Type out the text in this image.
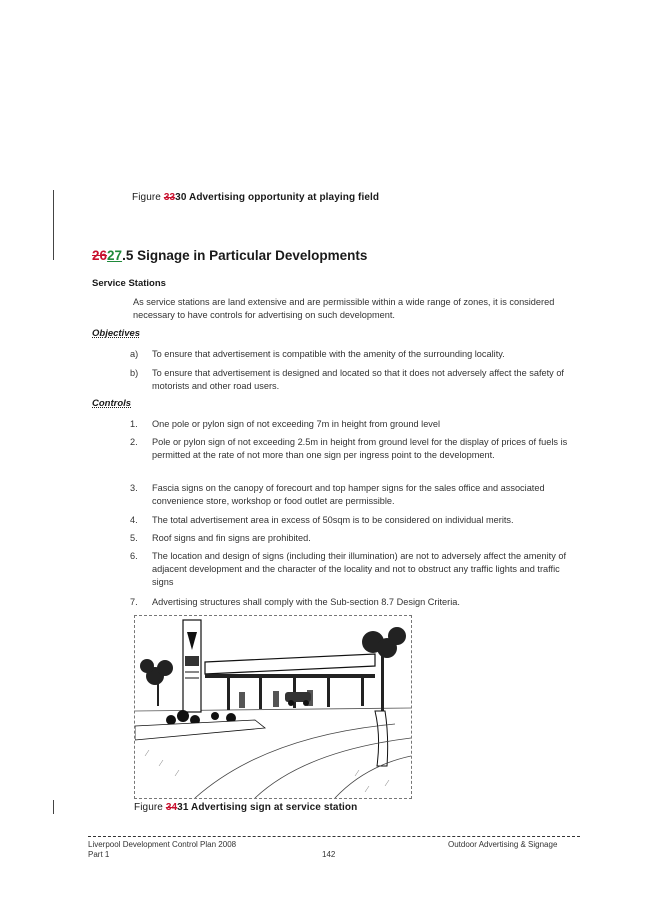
Figure 3330 Advertising opportunity at playing field
2627.5 Signage in Particular Developments
Service Stations
As service stations are land extensive and are permissible within a wide range of zones, it is considered necessary to have controls for advertising on such development.
Objectives
a)	To ensure that advertisement is compatible with the amenity of the surrounding locality.
b)	To ensure that advertisement is designed and located so that it does not adversely affect the safety of motorists and other road users.
Controls
1.	One pole or pylon sign of not exceeding 7m in height from ground level
2.	Pole or pylon sign of not exceeding 2.5m in height from ground level for the display of prices of fuels is permitted at the rate of not more than one sign per ingress point to the development.
3.	Fascia signs on the canopy of forecourt and top hamper signs for the sales office and associated convenience store, workshop or food outlet are permissible.
4.	The total advertisement area in excess of 50sqm is to be considered on individual merits.
5.	Roof signs and fin signs are prohibited.
6.	The location and design of signs (including their illumination) are not to adversely affect the amenity of adjacent development and the character of the locality and not to obstruct any traffic lights and traffic signs
7.	Advertising structures shall comply with the Sub-section 8.7 Design Criteria.
Figure 3431 Advertising sign at service station
Liverpool Development Control Plan 2008
Part 1	142
Outdoor Advertising & Signage
